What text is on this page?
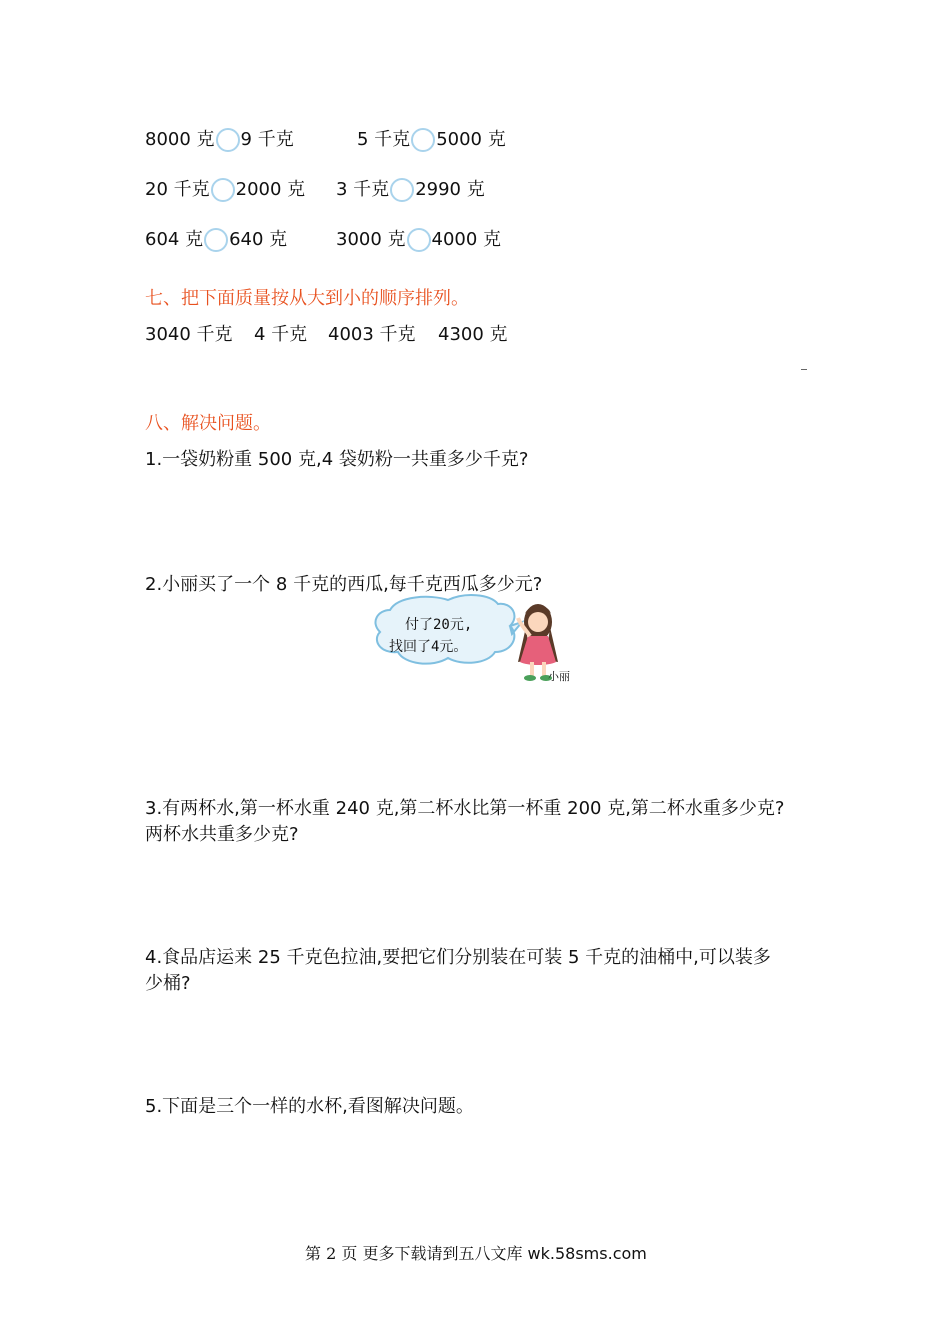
8000 克 9 千克	5 千克 5000 克
20 千克 2000 克 3 千克 2990 克
604 克 640 克	3000 克 4000 克
七、把下面质量按从大到小的顺序排列。
3040 千克 4 千克 4003 千克 4300 克
八、解决问题。
1.一袋奶粉重 500 克,4 袋奶粉一共重多少千克?
2.小丽买了一个 8 千克的西瓜,每千克西瓜多少元?
付了20元,
找回了4元。
小丽
3.有两杯水,第一杯水重 240 克,第二杯水比第一杯重 200 克,第二杯水重多少克?
两杯水共重多少克?
4.食品店运来 25 千克色拉油,要把它们分别装在可装 5 千克的油桶中,可以装多
少桶?
5.下面是三个一样的水杯,看图解决问题。
第 2 页 更多下载请到五八文库 wk.58sms.com
